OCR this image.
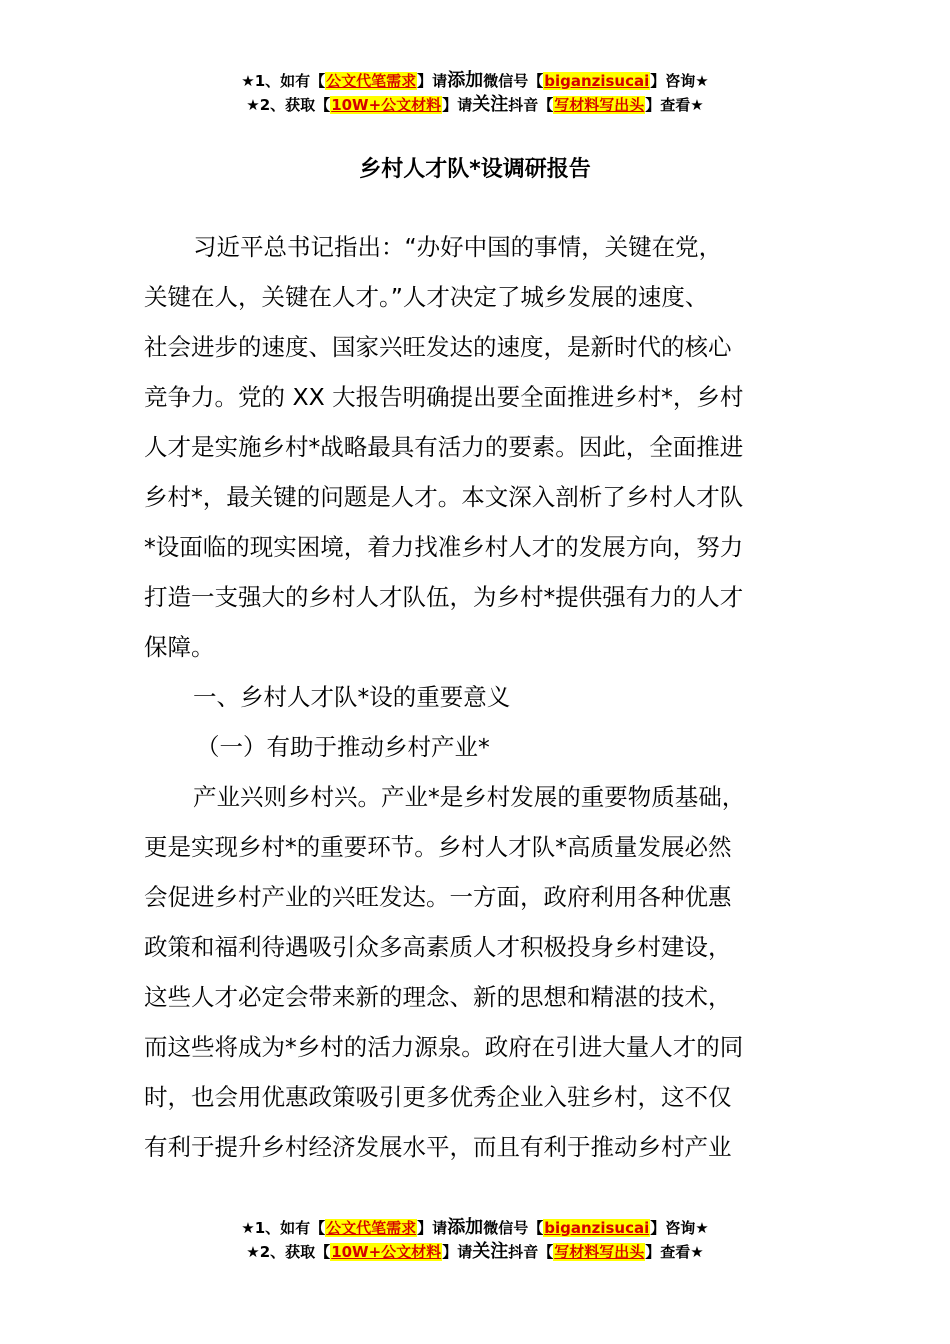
★1、如有【公文代笔需求】请添加微信号【biganzisucai】咨询★
★2、获取【10W+公文材料】请关注抖音【写材料写出头】查看★
乡村人才队*设调研报告
习近平总书记指出：“办好中国的事情，关键在党，
关键在人，关键在人才。”人才决定了城乡发展的速度、
社会进步的速度、国家兴旺发达的速度，是新时代的核心
竞争力。党的 XX 大报告明确提出要全面推进乡村*，乡村
人才是实施乡村*战略最具有活力的要素。因此，全面推进
乡村*，最关键的问题是人才。本文深入剖析了乡村人才队
*设面临的现实困境，着力找准乡村人才的发展方向，努力
打造一支强大的乡村人才队伍，为乡村*提供强有力的人才
保障。
一、乡村人才队*设的重要意义
（一）有助于推动乡村产业*
产业兴则乡村兴。产业*是乡村发展的重要物质基础，
更是实现乡村*的重要环节。乡村人才队*高质量发展必然
会促进乡村产业的兴旺发达。一方面，政府利用各种优惠
政策和福利待遇吸引众多高素质人才积极投身乡村建设，
这些人才必定会带来新的理念、新的思想和精湛的技术，
而这些将成为*乡村的活力源泉。政府在引进大量人才的同
时，也会用优惠政策吸引更多优秀企业入驻乡村，这不仅
有利于提升乡村经济发展水平，而且有利于推动乡村产业
★1、如有【公文代笔需求】请添加微信号【biganzisucai】咨询★
★2、获取【10W+公文材料】请关注抖音【写材料写出头】查看★
